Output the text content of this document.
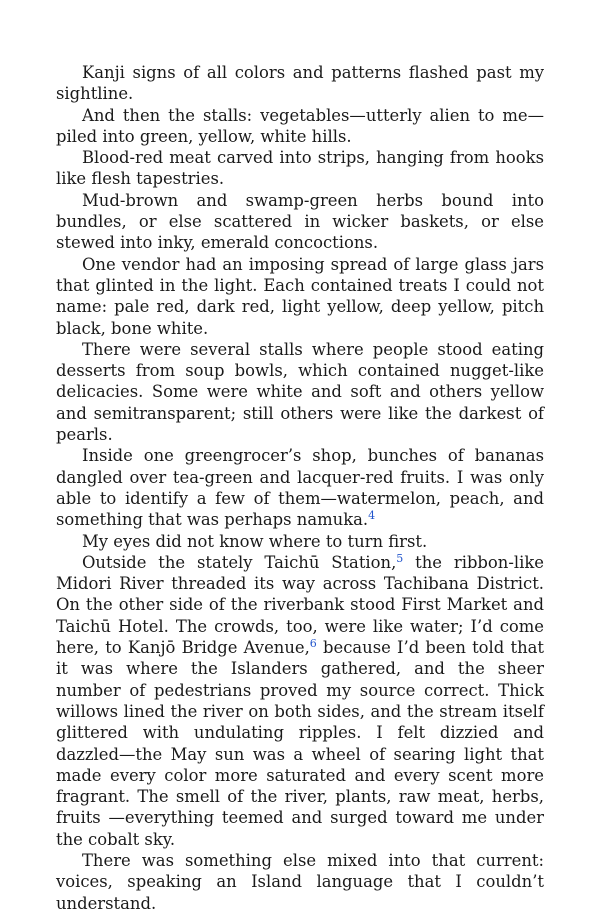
Kanji signs of all colors and patterns flashed past my sightline.

And then the stalls: vegetables—utterly alien to me—piled into green, yellow, white hills.

Blood-red meat carved into strips, hanging from hooks like flesh tapestries.

Mud-brown and swamp-green herbs bound into bundles, or else scattered in wicker baskets, or else stewed into inky, emerald concoctions.

One vendor had an imposing spread of large glass jars that glinted in the light. Each contained treats I could not name: pale red, dark red, light yellow, deep yellow, pitch black, bone white.

There were several stalls where people stood eating desserts from soup bowls, which contained nugget-like delicacies. Some were white and soft and others yellow and semitransparent; still others were like the darkest of pearls.

Inside one greengrocer’s shop, bunches of bananas dangled over tea-green and lacquer-red fruits. I was only able to identify a few of them—watermelon, peach, and something that was perhaps namuka.$^4$

My eyes did not know where to turn first.

Outside the stately Taichū Station,$^5$ the ribbon-like Midori River threaded its way across Tachibana District. On the other side of the riverbank stood First Market and Taichū Hotel. The crowds, too, were like water; I’d come here, to Kanjō Bridge Avenue,$^6$ because I’d been told that it was where the Islanders gathered, and the sheer number of pedestrians proved my source correct. Thick willows lined the river on both sides, and the stream itself glittered with undulating ripples. I felt dizzied and dazzled—the May sun was a wheel of searing light that made every color more saturated and every scent more fragrant. The smell of the river, plants, raw meat, herbs, fruits —everything teemed and surged toward me under the cobalt sky.

There was something else mixed into that current: voices, speaking an Island language that I couldn’t understand.
